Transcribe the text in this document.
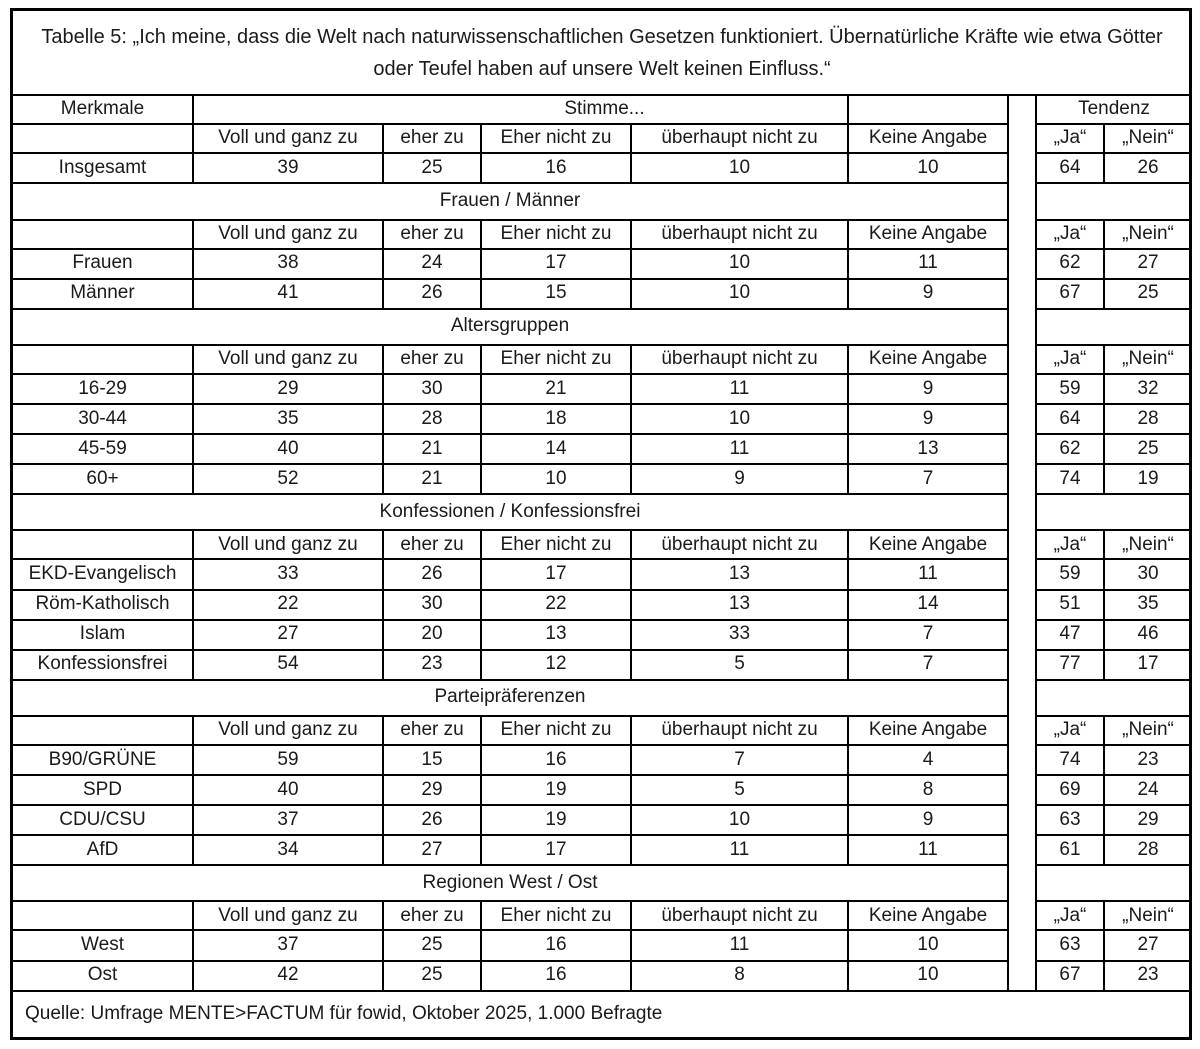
Tabelle 5: „Ich meine, dass die Welt nach naturwissenschaftlichen Gesetzen funktioniert. Übernatürliche Kräfte wie etwa Götter oder Teufel haben auf unsere Welt keinen Einfluss.“								
Merkmale	Stimme...						Tendenz	
	Voll und ganz zu	eher zu	Eher nicht zu	überhaupt nicht zu	Keine Angabe		„Ja“	„Nein“
Insgesamt	39	25	16	10	10		64	26
Frauen / Männer								
	Voll und ganz zu	eher zu	Eher nicht zu	überhaupt nicht zu	Keine Angabe		„Ja“	„Nein“
Frauen	38	24	17	10	11		62	27
Männer	41	26	15	10	9		67	25
Altersgruppen								
	Voll und ganz zu	eher zu	Eher nicht zu	überhaupt nicht zu	Keine Angabe		„Ja“	„Nein“
16-29	29	30	21	11	9		59	32
30-44	35	28	18	10	9		64	28
45-59	40	21	14	11	13		62	25
60+	52	21	10	9	7		74	19
Konfessionen / Konfessionsfrei								
	Voll und ganz zu	eher zu	Eher nicht zu	überhaupt nicht zu	Keine Angabe		„Ja“	„Nein“
EKD-Evangelisch	33	26	17	13	11		59	30
Röm-Katholisch	22	30	22	13	14		51	35
Islam	27	20	13	33	7		47	46
Konfessionsfrei	54	23	12	5	7		77	17
Parteipräferenzen								
	Voll und ganz zu	eher zu	Eher nicht zu	überhaupt nicht zu	Keine Angabe		„Ja“	„Nein“
B90/GRÜNE	59	15	16	7	4		74	23
SPD	40	29	19	5	8		69	24
CDU/CSU	37	26	19	10	9		63	29
AfD	34	27	17	11	11		61	28
Regionen West / Ost								
	Voll und ganz zu	eher zu	Eher nicht zu	überhaupt nicht zu	Keine Angabe		„Ja“	„Nein“
West	37	25	16	11	10		63	27
Ost	42	25	16	8	10		67	23
Quelle: Umfrage MENTE>FACTUM für fowid, Oktober 2025, 1.000 Befragte								
